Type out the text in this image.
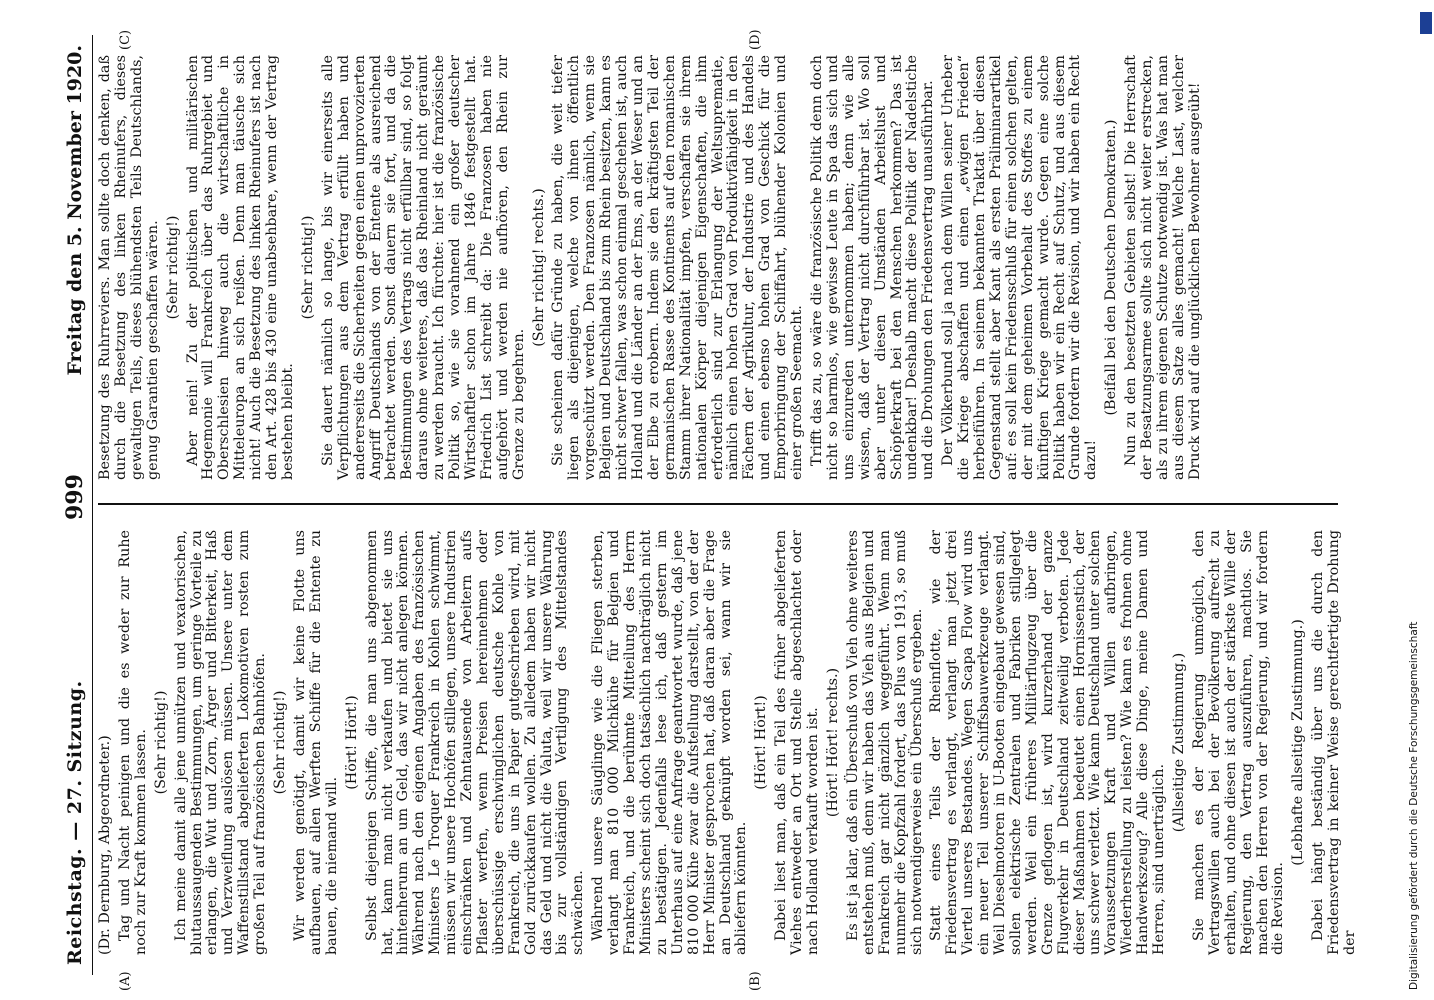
Reichstag. — 27. Sitzung.
999
Freitag den 5. November 1920.

(Dr. Dernburg, Abgeordneter.) Tag und Nacht peinigen und die es weder zur Ruhe noch zur Kraft kommen lassen. (Sehr richtig!) Ich meine damit alle jene unnützen und vexatorischen, blutaussaugenden Bestimmungen, um geringe Vorteile zu erlangen, die Wut und Zorn, Ärger und Bitterkeit, Haß und Verzweiflung auslösen müssen. Unsere unter dem Waffenstillstand abgelieferten Lokomotiven rosten zum großen Teil auf französischen Bahnhöfen. (Sehr richtig!) Wir werden genötigt, damit wir keine Flotte uns aufbauen, auf allen Werften Schiffe für die Entente zu bauen, die niemand will.

(Hört! Hört!) Selbst diejenigen Schiffe, die man uns abgenommen hat, kann man nicht verkaufen und bietet sie uns hintenherum an um Geld, das wir nicht anlegen können. Während nach den eigenen Angaben des französischen Ministers Le Troquer Frankreich in Kohlen schwimmt, müssen wir unsere Hochöfen stillegen, unsere Industrien einschränken und Zehntausende von Arbeitern aufs Pflaster werfen, wenn Preisen hereinnehmen oder überschüssige erschwinglichen deutsche Kohle von Frankreich, die uns in Papier gutgeschrieben wird, mit Gold zurückkaufen wollen. Zu alledem haben wir nicht das Geld und nicht die Valuta, weil wir unsere Währung bis zur vollständigen Vertilgung des Mittelstandes schwächen. Während unsere Säuglinge wie die Fliegen sterben, verlangt man 810 000 Milchkühe für Belgien und Frankreich, und die berühmte Mitteilung des Herrn Ministers scheint sich doch tatsächlich nachträglich nicht zu bestätigen. Jedenfalls lese ich, daß gestern im Unterhaus auf eine Anfrage geantwortet wurde, daß jene 810 000 Kühe zwar die Aufstellung darstellt, von der der Herr Minister gesprochen hat, daß daran aber die Frage an Deutschland geknüpft worden sei, wann wir sie abliefern könnten.

(Hört! Hört!) Dabei liest man, daß ein Teil des früher abgelieferten Viehes entweder an Ort und Stelle abgeschlachtet oder nach Holland verkauft worden ist. (Hört! Hört! rechts.) Es ist ja klar, daß ein Überschuß von Vieh ohne weiteres entstehen muß, denn wir haben das Vieh aus Belgien und Frankreich gar nicht gänzlich weggeführt. Wenn man nunmehr die Kopfzahl fordert, das Plus von 1913, so muß sich notwendigerweise ein Überschuß ergeben. Statt eines Teils der Rheinflotte, wie der Friedensvertrag es verlangt, verlangt man jetzt drei Viertel unseres Bestandes. Wegen Scapa Flow wird uns ein neuer Teil unserer Schiffsbauwerkzeuge verlangt. Weil Dieselmotoren in U-Booten eingebaut gewesen sind, sollen elektrische Zentralen und Fabriken stillgelegt werden. Weil ein früheres Militärflugzeug über die Grenze geflogen ist, wird kurzerhand der ganze Flugverkehr in Deutschland zeitweilig verboten. Jede dieser Maßnahmen bedeutet einen Hornissenstich, der uns schwer verletzt. Wie kann Deutschland unter solchen Voraussetzungen Kraft und Willen aufbringen, Wiederherstellung zu leisten? Wie kann es frohnen ohne Handwerkszeug? Alle diese Dinge, meine Damen und Herren, sind unerträglich.

(Allseitige Zustimmung.) Sie machen es der Regierung unmöglich, den Vertragswillen auch bei der Bevölkerung aufrecht zu erhalten, und ohne diesen ist auch der stärkste Wille der Regierung, den Vertrag auszuführen, machtlos. Sie machen den Herren von der Regierung, und wir fordern die Revision.

(Lebhafte allseitige Zustimmung.) Dabei hängt beständig über uns die durch den Friedensvertrag in keiner Weise gerechtfertigte Drohung der

Besetzung des Ruhrreviers. Man sollte doch denken, daß durch die Besetzung des linken Rheinufers, dieses gewaltigen Teils, dieses blühendsten Teils Deutschlands, genug Garantien geschaffen wären. (Sehr richtig!) Aber nein! Zu der politischen und militärischen Hegemonie will Frankreich über das Ruhrgebiet und Oberschlesien hinweg auch die wirtschaftliche in Mitteleuropa an sich reißen. Denn man täusche sich nicht! Auch die Besetzung des linken Rheinufers ist nach den Art. 428 bis 430 eine unabsehbare, wenn der Vertrag bestehen bleibt.

(Sehr richtig!) Sie dauert nämlich so lange, bis wir einerseits alle Verpflichtungen aus dem Vertrag erfüllt haben und andererseits die Sicherheiten gegen einen unprovozierten Angriff Deutschlands von der Entente als ausreichend betrachtet werden. Sonst dauern sie fort, und da die Bestimmungen des Vertrags nicht erfüllbar sind, so folgt daraus ohne weiteres, daß das Rheinland nicht geräumt zu werden braucht. Ich fürchte: hier ist die französische Politik so, wie sie vorahnend ein großer deutscher Wirtschaftler schon im Jahre 1846 festgestellt hat. Friedrich List schreibt da: Die Franzosen haben nie aufgehört und werden nie aufhören, den Rhein zur Grenze zu begehren.

(Sehr richtig! rechts.) Sie scheinen dafür Gründe zu haben, die weit tiefer liegen als diejenigen, welche von ihnen öffentlich vorgeschützt werden. Den Franzosen nämlich, wenn sie Belgien und Deutschland bis zum Rhein besitzen, kann es nicht schwer fallen, was schon einmal geschehen ist, auch Holland und die Länder an der Ems, an der Weser und an der Elbe zu erobern. Indem sie den kräftigsten Teil der germanischen Rasse des Kontinents auf den romanischen Stamm ihrer Nationalität impfen, verschaffen sie ihrem nationalen Körper diejenigen Eigenschaften, die ihm erforderlich sind zur Erlangung der Weltsuprematie, nämlich einen hohen Grad von Produktivfähigkeit in den Fächern der Agrikultur, der Industrie und des Handels und einen ebenso hohen Grad von Geschick für die Emporbringung der Schiffahrt, blühender Kolonien und einer großen Seemacht. Trifft das zu, so wäre die französische Politik denn doch nicht so harmlos, wie gewisse Leute in Spa das sich und uns einzureden unternommen haben; denn wie alle wissen, daß der Vertrag nicht durchführbar ist. Wo soll aber unter diesen Umständen Arbeitslust und Schöpferkraft bei den Menschen herkommen? Das ist undenkbar! Deshalb macht diese Politik der Nadelstiche und die Drohungen den Friedensvertrag unausführbar. Der Völkerbund soll ja nach dem Willen seiner Urheber die Kriege abschaffen und einen „ewigen Frieden“ herbeiführen. In seinem bekannten Traktat über diesen Gegenstand stellt aber Kant als ersten Präliminarartikel auf: es soll kein Friedensschluß für einen solchen gelten, der mit dem geheimen Vorbehalt des Stoffes zu einem künftigen Kriege gemacht wurde. Gegen eine solche Politik haben wir ein Recht auf Schutz, und aus diesem Grunde fordern wir die Revision, und wir haben ein Recht dazu!

(Beifall bei den Deutschen Demokraten.) Nun zu den besetzten Gebieten selbst! Die Herrschaft der Besatzungsarmee sollte sich nicht weiter erstrecken, als zu ihrem eigenen Schutze notwendig ist. Was hat man aus diesem Satze alles gemacht! Welche Last, welcher Druck wird auf die unglücklichen Bewohner ausgeübt!

(A)	(B)
(C)	(D)
Digitalisierung gefördert durch die Deutsche Forschungsgemeinschaft
